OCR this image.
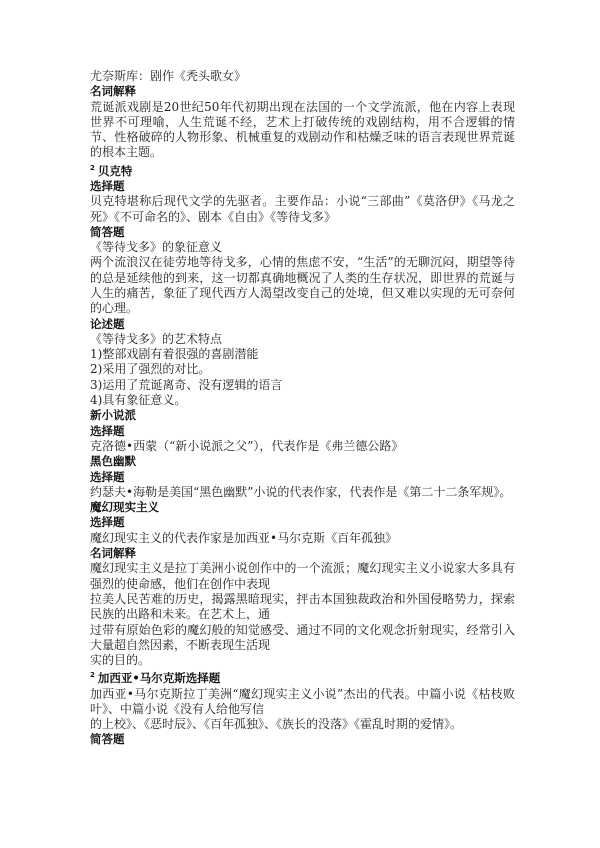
尤奈斯库：剧作《秃头歌女》
名词解释
荒诞派戏剧是20世纪50年代初期出现在法国的一个文学流派，他在内容上表现世界不可理喻，人生荒诞不经，艺术上打破传统的戏剧结构，用不合逻辑的情节、性格破碎的人物形象、机械重复的戏剧动作和枯燥乏味的语言表现世界荒诞的根本主题。
$^2$ 贝克特
选择题
贝克特堪称后现代文学的先驱者。主要作品：小说“三部曲”《莫洛伊》《马龙之死》《不可命名的》、剧本《自由》《等待戈多》
简答题
《等待戈多》的象征意义
两个流浪汉在徒劳地等待戈多，心情的焦虑不安，“生活”的无聊沉闷，期望等待的总是延续他的到来，这一切都真确地概况了人类的生存状况，即世界的荒诞与人生的痛苦，象征了现代西方人渴望改变自己的处境，但又难以实现的无可奈何的心理。
论述题
《等待戈多》的艺术特点
1)整部戏剧有着很强的喜剧潜能
2)采用了强烈的对比。
3)运用了荒诞离奇、没有逻辑的语言
4)具有象征意义。
新小说派
选择题
克洛德•西蒙（“新小说派之父”），代表作是《弗兰德公路》
黑色幽默
选择题
约瑟夫•海勒是美国“黑色幽默”小说的代表作家，代表作是《第二十二条军规》。
魔幻现实主义
选择题
魔幻现实主义的代表作家是加西亚•马尔克斯《百年孤独》
名词解释
魔幻现实主义是拉丁美洲小说创作中的一个流派；魔幻现实主义小说家大多具有强烈的使命感，他们在创作中表现
拉美人民苦难的历史，揭露黑暗现实，抨击本国独裁政治和外国侵略势力，探索民族的出路和未来。在艺术上，通
过带有原始色彩的魔幻般的知觉感受、通过不同的文化观念折射现实，经常引入大量超自然因素，不断表现生活现
实的目的。
$^2$ 加西亚•马尔克斯选择题
加西亚•马尔克斯拉丁美洲“魔幻现实主义小说”杰出的代表。中篇小说《枯枝败叶》、中篇小说《没有人给他写信
的上校》、《恶时辰》、《百年孤独》、《族长的没落》《霍乱时期的爱情》。
简答题
